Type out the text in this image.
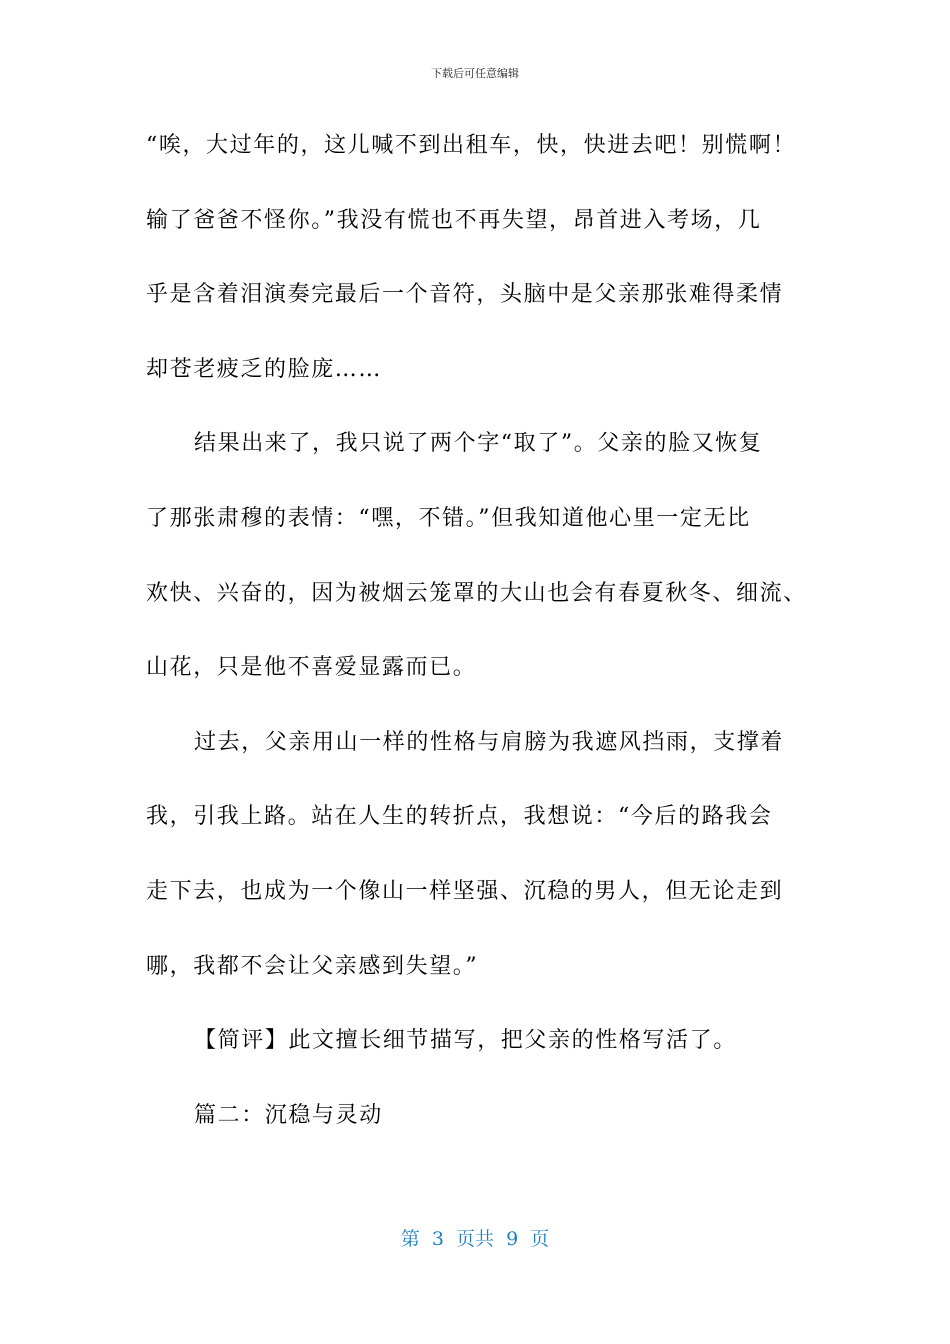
下载后可任意编辑
“唉，大过年的，这儿喊不到出租车，快，快进去吧！别慌啊！
输了爸爸不怪你。”我没有慌也不再失望，昂首进入考场，几
乎是含着泪演奏完最后一个音符，头脑中是父亲那张难得柔情
却苍老疲乏的脸庞……
结果出来了，我只说了两个字“取了”。父亲的脸又恢复
了那张肃穆的表情：“嘿，不错。”但我知道他心里一定无比
欢快、兴奋的，因为被烟云笼罩的大山也会有春夏秋冬、细流、
山花，只是他不喜爱显露而已。
过去，父亲用山一样的性格与肩膀为我遮风挡雨，支撑着
我，引我上路。站在人生的转折点，我想说：“今后的路我会
走下去，也成为一个像山一样坚强、沉稳的男人，但无论走到
哪，我都不会让父亲感到失望。”
【简评】此文擅长细节描写，把父亲的性格写活了。
篇二：沉稳与灵动
第  3  页共  9  页
